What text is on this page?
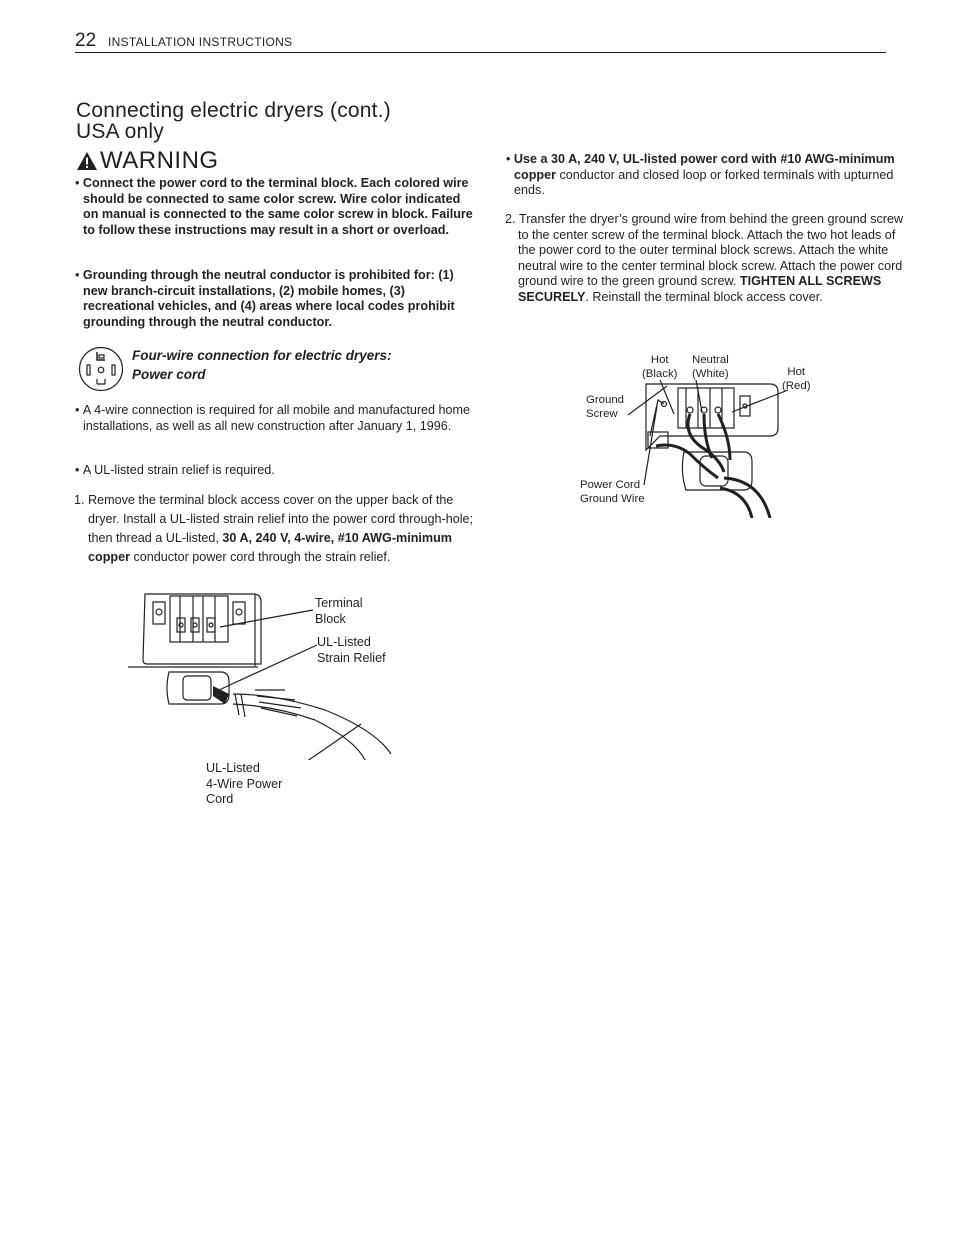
22 INSTALLATION INSTRUCTIONS
Connecting electric dryers (cont.)
USA only
WARNING
• Connect the power cord to the terminal block. Each colored wire should be connected to same color screw. Wire color indicated on manual is connected to the same color screw in block. Failure to follow these instructions may result in a short or overload.
• Grounding through the neutral conductor is prohibited for: (1) new branch-circuit installations, (2) mobile homes, (3) recreational vehicles, and (4) areas where local codes prohibit grounding through the neutral conductor.
Four-wire connection for electric dryers:
Power cord
• A 4-wire connection is required for all mobile and manufactured home installations, as well as all new construction after January 1, 1996.
• A UL-listed strain relief is required.
1. Remove the terminal block access cover on the upper back of the dryer. Install a UL-listed strain relief into the power cord through-hole; then thread a UL-listed, 30 A, 240 V, 4-wire, #10 AWG-minimum copper conductor power cord through the strain relief.
• Use a 30 A, 240 V, UL-listed power cord with #10 AWG-minimum copper conductor and closed loop or forked terminals with upturned ends.
2. Transfer the dryer’s ground wire from behind the green ground screw to the center screw of the terminal block. Attach the two hot leads of the power cord to the outer terminal block screws. Attach the white neutral wire to the center terminal block screw. Attach the power cord ground wire to the green ground screw. TIGHTEN ALL SCREWS SECURELY. Reinstall the terminal block access cover.
Terminal
Block
UL-Listed
Strain Relief
UL-Listed
4-Wire Power
Cord
Hot
(Black)
Neutral
(White)	Hot
(Red)
Ground
Screw
Power Cord
Ground Wire
